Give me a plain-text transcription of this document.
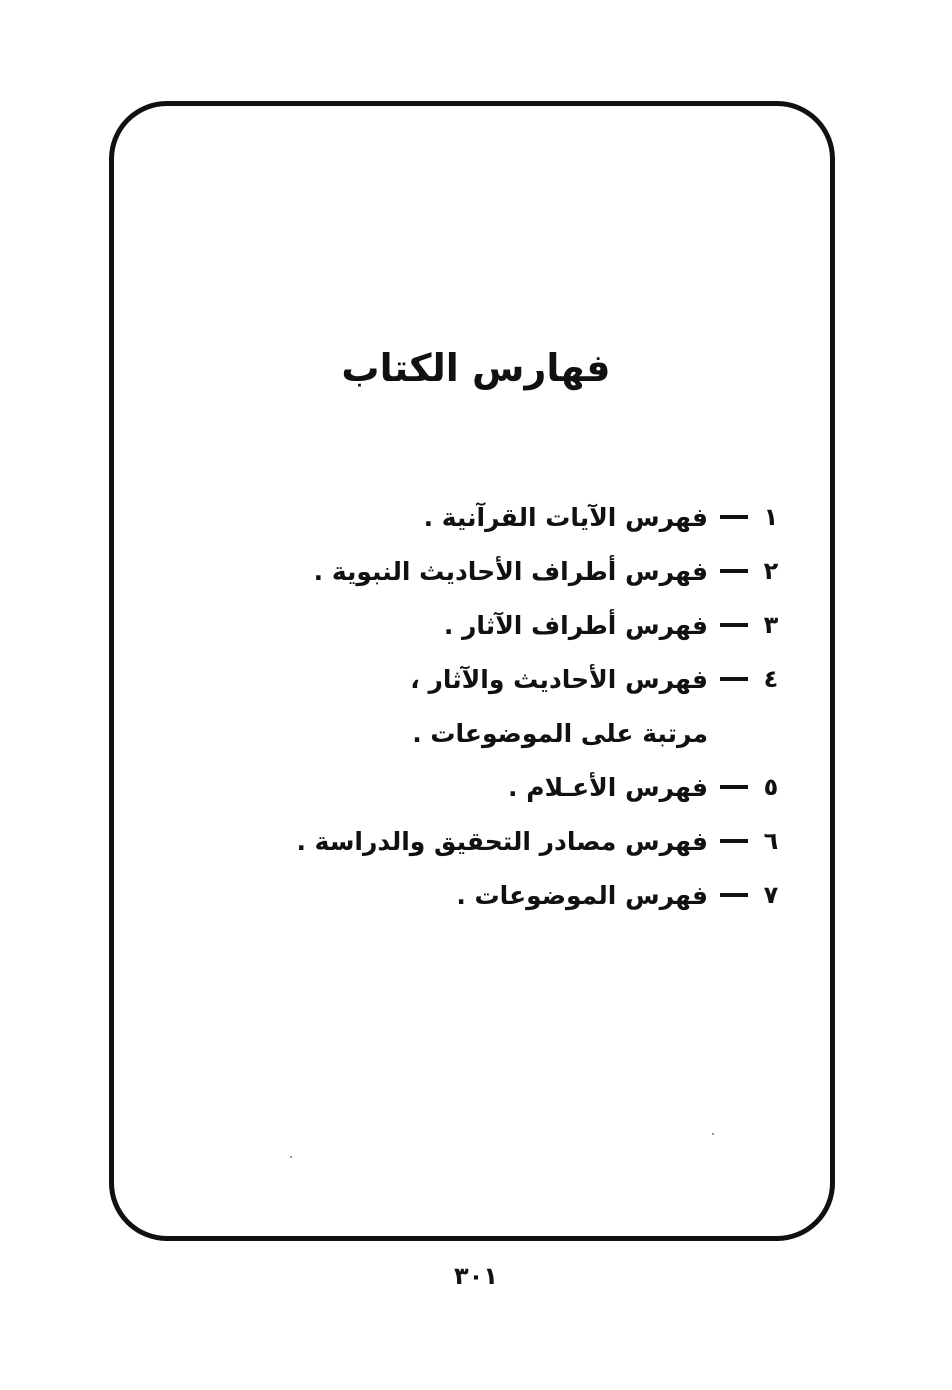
فهارس الكتاب
١
فهرس الآيات القرآنية .
٢
فهرس أطراف الأحاديث النبوية .
٣
فهرس أطراف الآثار .
٤
فهرس الأحاديث والآثار ،
مرتبة على الموضوعات .
٥
فهرس الأعـلام .
٦
فهرس مصادر التحقيق والدراسة .
٧
فهرس الموضوعات .
٣٠١
